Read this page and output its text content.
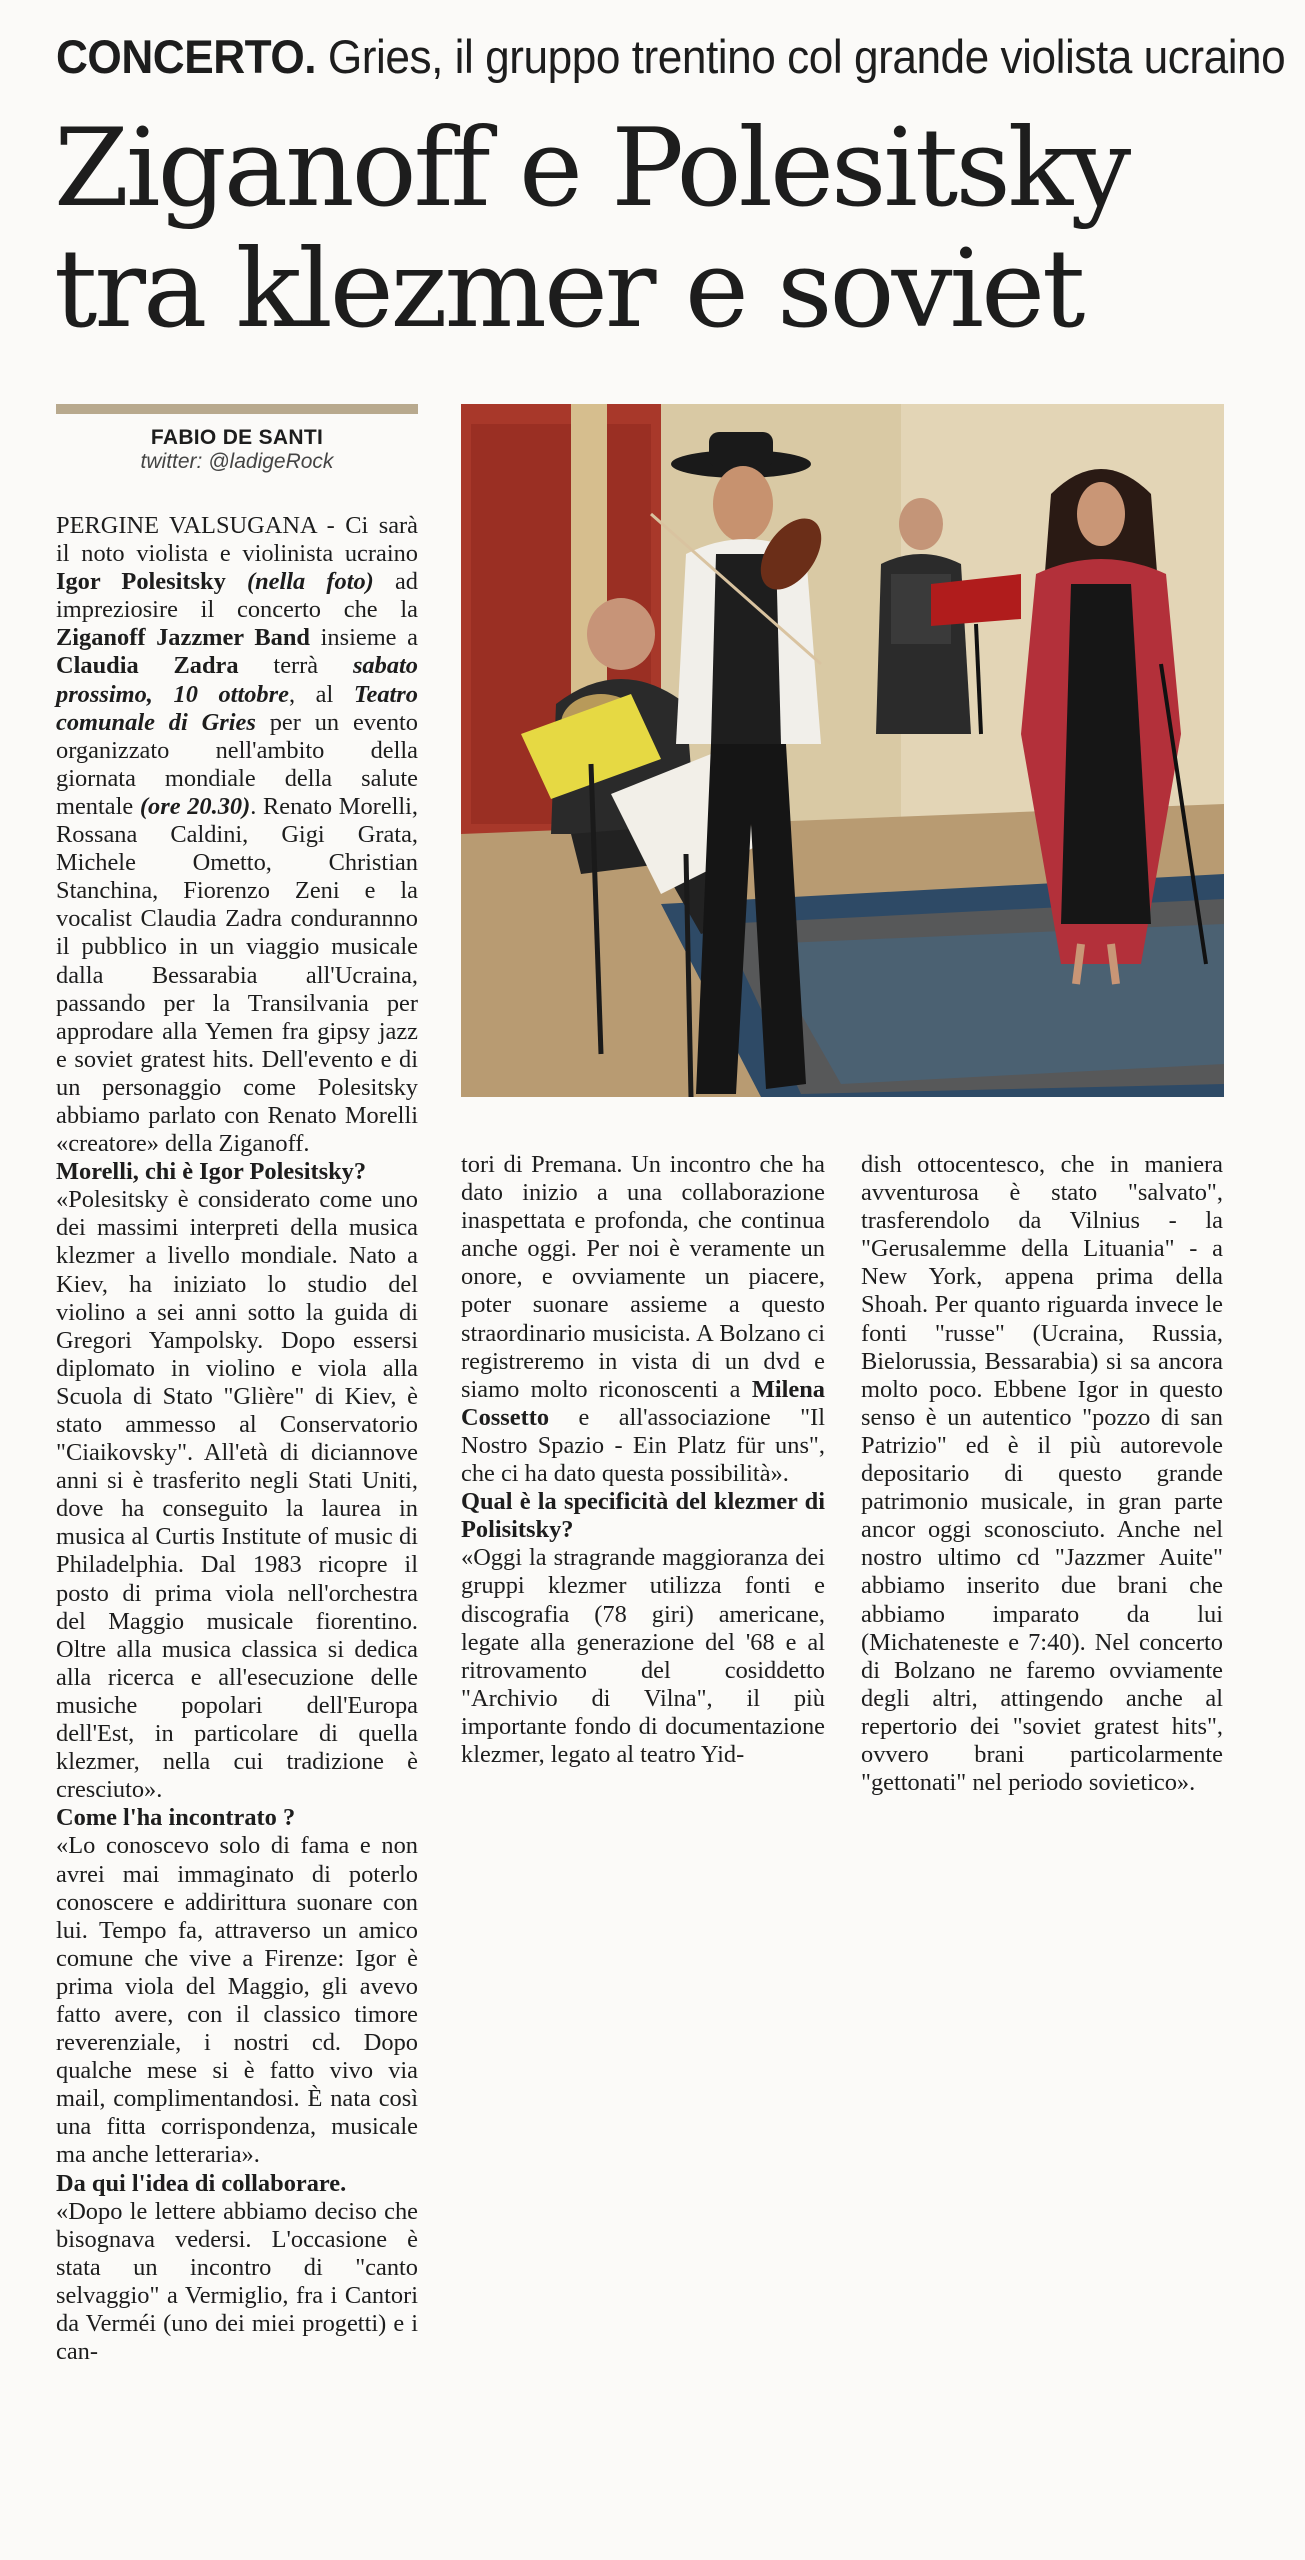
CONCERTO. Gries, il gruppo trentino col grande violista ucraino
Ziganoff e Polesitsky
tra klezmer e soviet
FABIO DE SANTI
twitter: @ladigeRock

PERGINE VALSUGANA - Ci sarà il noto violista e violinista ucraino Igor Polesitsky (nella foto) ad impreziosire il concerto che la Ziganoff Jazzmer Band insieme a Claudia Zadra terrà sabato prossimo, 10 ottobre, al Teatro comunale di Gries per un evento organizzato nell'ambito della giornata mondiale della salute mentale (ore 20.30). Renato Morelli, Rossana Caldini, Gigi Grata, Michele Ometto, Christian Stanchina, Fiorenzo Zeni e la vocalist Claudia Zadra condurannno il pubblico in un viaggio musicale dalla Bessarabia all'Ucraina, passando per la Transilvania per approdare alla Yemen fra gipsy jazz e soviet gratest hits. Dell'evento e di un personaggio come Polesitsky abbiamo parlato con Renato Morelli «creatore» della Ziganoff.

Morelli, chi è Igor Polesitsky?

«Polesitsky è considerato come uno dei massimi interpreti della musica klezmer a livello mondiale. Nato a Kiev, ha iniziato lo studio del violino a sei anni sotto la guida di Gregori Yampolsky. Dopo essersi diplomato in violino e viola alla Scuola di Stato "Glière" di Kiev, è stato ammesso al Conservatorio "Ciaikovsky". All'età di diciannove anni si è trasferito negli Stati Uniti, dove ha conseguito la laurea in musica al Curtis Institute of music di Philadelphia. Dal 1983 ricopre il posto di prima viola nell'orchestra del Maggio musicale fiorentino. Oltre alla musica classica si dedica alla ricerca e all'esecuzione delle musiche popolari dell'Europa dell'Est, in particolare di quella klezmer, nella cui tradizione è cresciuto».

Come l'ha incontrato ?

«Lo conoscevo solo di fama e non avrei mai immaginato di poterlo conoscere e addirittura suonare con lui. Tempo fa, attraverso un amico comune che vive a Firenze: Igor è prima viola del Maggio, gli avevo fatto avere, con il classico timore reverenziale, i nostri cd. Dopo qualche mese si è fatto vivo via mail, complimentandosi. È nata così una fitta corrispondenza, musicale ma anche letteraria».

Da qui l'idea di collaborare.

«Dopo le lettere abbiamo deciso che bisognava vedersi. L'occasione è stata un incontro di "canto selvaggio" a Vermiglio, fra i Cantori da Verméi (uno dei miei progetti) e i can-

tori di Premana. Un incontro che ha dato inizio a una collaborazione inaspettata e profonda, che continua anche oggi. Per noi è veramente un onore, e ovviamente un piacere, poter suonare assieme a questo straordinario musicista. A Bolzano ci registreremo in vista di un dvd e siamo molto riconoscenti a Milena Cossetto e all'associazione "Il Nostro Spazio - Ein Platz für uns", che ci ha dato questa possibilità».

Qual è la specificità del klezmer di Polisitsky?

«Oggi la stragrande maggioranza dei gruppi klezmer utilizza fonti e discografia (78 giri) americane, legate alla generazione del '68 e al ritrovamento del cosiddetto "Archivio di Vilna", il più importante fondo di documentazione klezmer, legato al teatro Yid-

dish ottocentesco, che in maniera avventurosa è stato "salvato", trasferendolo da Vilnius - la "Gerusalemme della Lituania" - a New York, appena prima della Shoah. Per quanto riguarda invece le fonti "russe" (Ucraina, Russia, Bielorussia, Bessarabia) si sa ancora molto poco. Ebbene Igor in questo senso è un autentico "pozzo di san Patrizio" ed è il più autorevole depositario di questo grande patrimonio musicale, in gran parte ancor oggi sconosciuto. Anche nel nostro ultimo cd "Jazzmer Auite" abbiamo inserito due brani che abbiamo imparato da lui (Michateneste e 7:40). Nel concerto di Bolzano ne faremo ovviamente degli altri, attingendo anche al repertorio dei "soviet gratest hits", ovvero brani particolarmente "gettonati" nel periodo sovietico».
